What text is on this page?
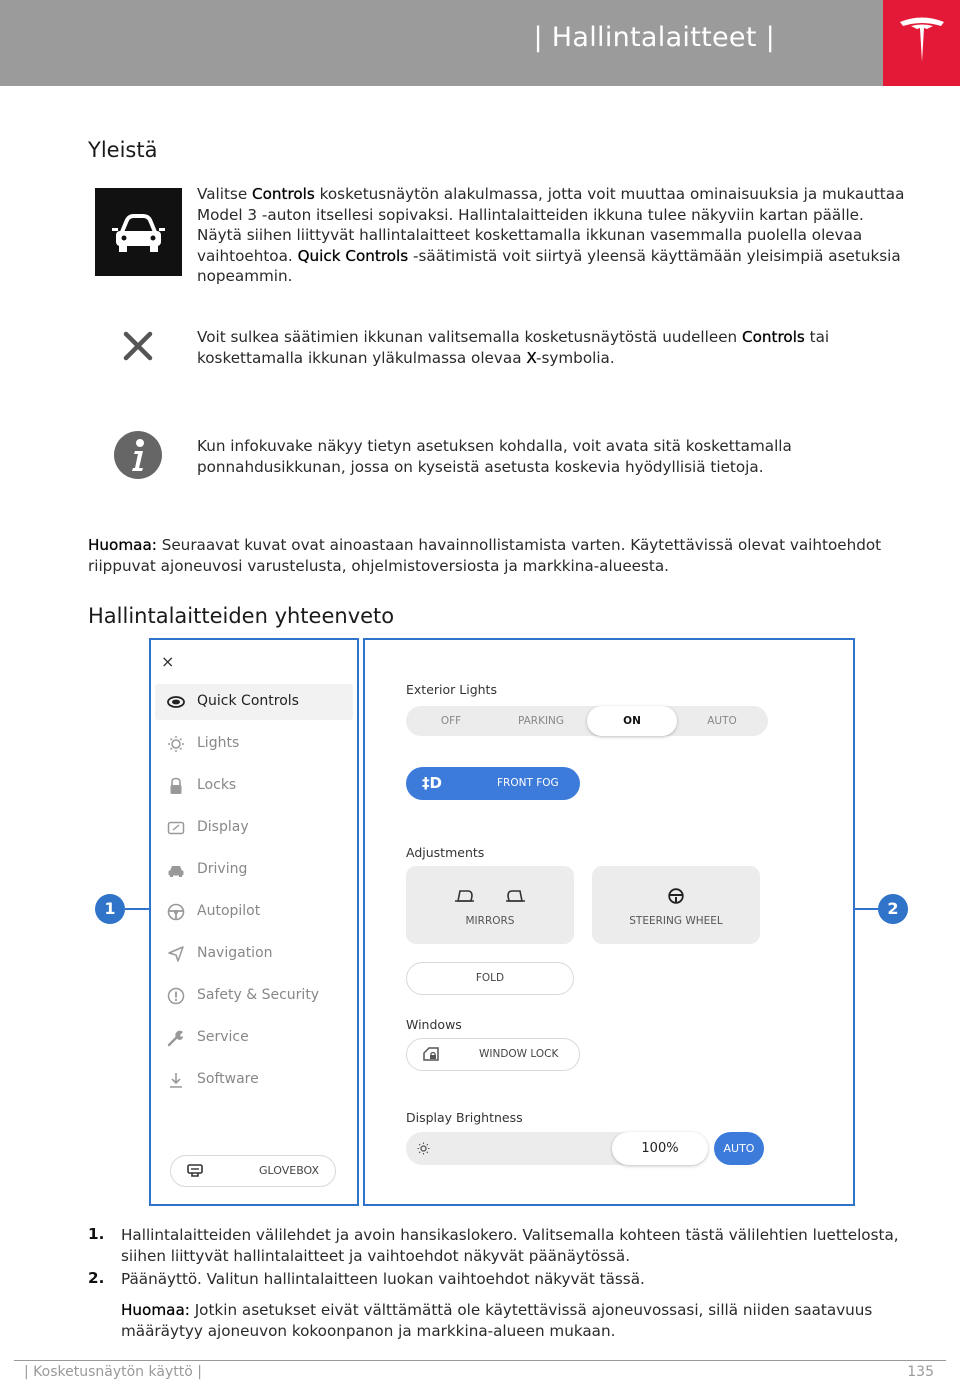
| Hallintalaitteet |
Yleistä
Valitse Controls kosketusnäytön alakulmassa, jotta voit muuttaa ominaisuuksia ja mukauttaa Model 3 -auton itsellesi sopivaksi. Hallintalaitteiden ikkuna tulee näkyviin kartan päälle. Näytä siihen liittyvät hallintalaitteet koskettamalla ikkunan vasemmalla puolella olevaa vaihtoehtoa. Quick Controls -säätimistä voit siirtyä yleensä käyttämään yleisimpiä asetuksia nopeammin.
Voit sulkea säätimien ikkunan valitsemalla kosketusnäytöstä uudelleen Controls tai koskettamalla ikkunan yläkulmassa olevaa X-symbolia.
Kun infokuvake näkyy tietyn asetuksen kohdalla, voit avata sitä koskettamalla ponnahdusikkunan, jossa on kyseistä asetusta koskevia hyödyllisiä tietoja.
Huomaa: Seuraavat kuvat ovat ainoastaan havainnollistamista varten. Käytettävissä olevat vaihtoehdot riippuvat ajoneuvosi varustelusta, ohjelmistoversiosta ja markkina-alueesta.
Hallintalaitteiden yhteenveto
×
Quick Controls
Lights
Locks
Display
Driving
Autopilot
Navigation
Safety & Security
Service
Software
GLOVEBOX
Exterior Lights
OFF	PARKING	ON	AUTO
‡D	FRONT FOG
Adjustments
MIRRORS	STEERING WHEEL
FOLD
Windows
WINDOW LOCK
Display Brightness
100%	AUTO
1	2
1. Hallintalaitteiden välilehdet ja avoin hansikaslokero. Valitsemalla kohteen tästä välilehtien luettelosta, siihen liittyvät hallintalaitteet ja vaihtoehdot näkyvät päänäytössä.
2. Päänäyttö. Valitun hallintalaitteen luokan vaihtoehdot näkyvät tässä.
Huomaa: Jotkin asetukset eivät välttämättä ole käytettävissä ajoneuvossasi, sillä niiden saatavuus määräytyy ajoneuvon kokoonpanon ja markkina-alueen mukaan.
| Kosketusnäytön käyttö |	135
